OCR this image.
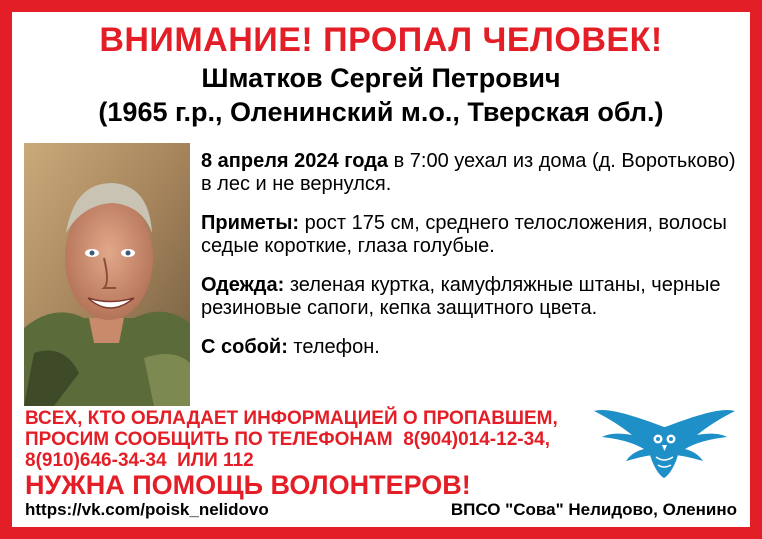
ВНИМАНИЕ! ПРОПАЛ ЧЕЛОВЕК!
Шматков Сергей Петрович
(1965 г.р., Оленинский м.о., Тверская обл.)

8 апреля 2024 года в 7:00 уехал из дома (д. Воротьково) в лес и не вернулся.

Приметы: рост 175 см, среднего телосложения, волосы седые короткие, глаза голубые.

Одежда: зеленая куртка, камуфляжные штаны, черные резиновые сапоги, кепка защитного цвета.

С собой: телефон.

ВСЕХ, КТО ОБЛАДАЕТ ИНФОРМАЦИЕЙ О ПРОПАВШЕМ,
ПРОСИМ СООБЩИТЬ ПО ТЕЛЕФОНАМ 8(904)014-12-34,
8(910)646-34-34 ИЛИ 112
НУЖНА ПОМОЩЬ ВОЛОНТЕРОВ!
https://vk.com/poisk_nelidovo	ВПСО "Сова" Нелидово, Оленино
